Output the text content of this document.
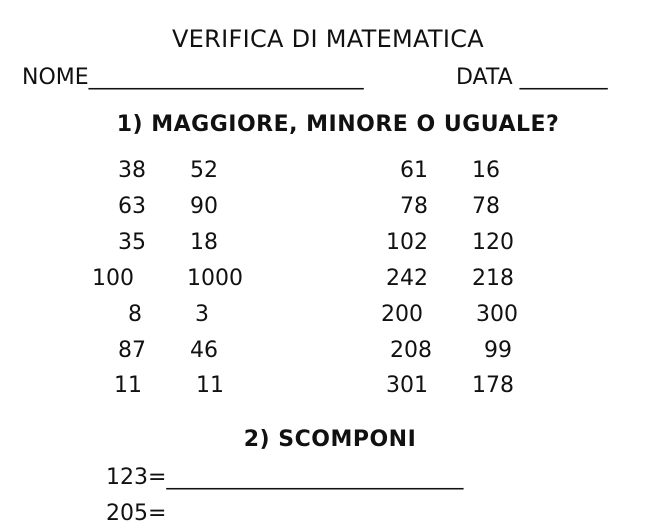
VERIFICA DI MATEMATICA
NOME_________________________	DATA ________
1) MAGGIORE, MINORE O UGUALE?
38 52
63 90
35 18
100 1000
8 3
87 46
11 11
61 16
78 78
102 120
242 218
200 300
208 99
301 178
2) SCOMPONI
123=___________________________
205=
